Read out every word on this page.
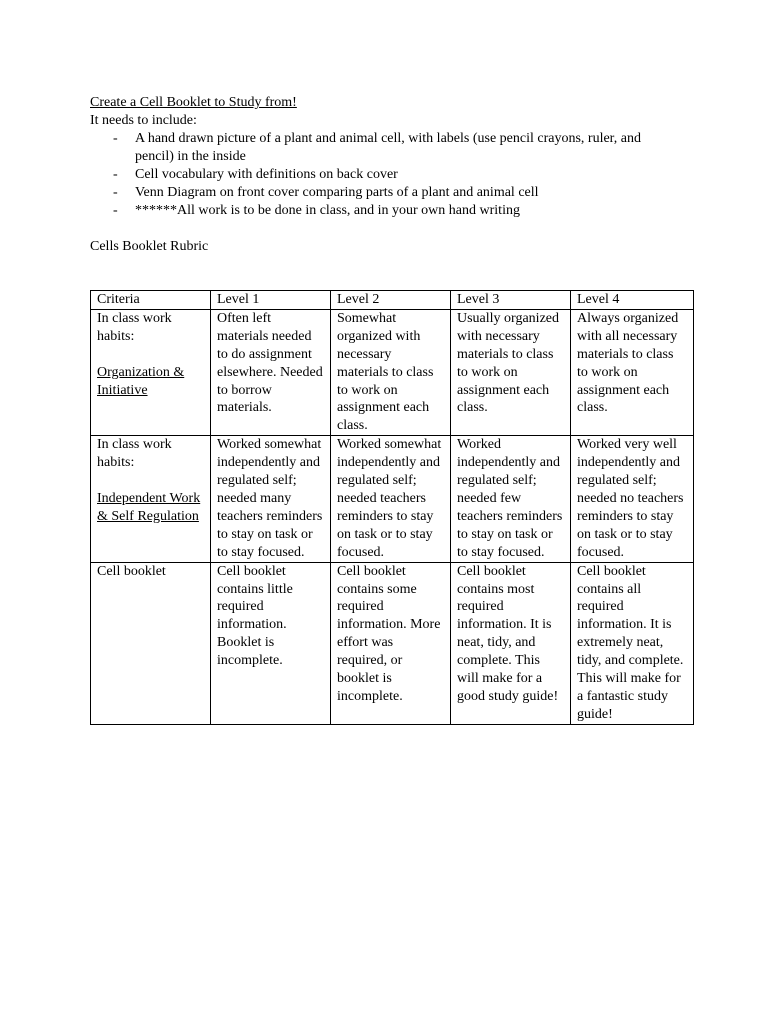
Create a Cell Booklet to Study from!
It needs to include:
- A hand drawn picture of a plant and animal cell, with labels (use pencil crayons, ruler, and pencil) in the inside
- Cell vocabulary with definitions on back cover
- Venn Diagram on front cover comparing parts of a plant and animal cell
- ******All work is to be done in class, and in your own hand writing
Cells Booklet Rubric
Criteria	Level 1	Level 2	Level 3	Level 4
In class work habits:
Organization & Initiative	Often left materials needed to do assignment elsewhere. Needed to borrow materials.	Somewhat organized with necessary materials to class to work on assignment each class.	Usually organized with necessary materials to class to work on assignment each class.	Always organized with all necessary materials to class to work on assignment each class.
In class work habits:
Independent Work & Self Regulation	Worked somewhat independently and regulated self; needed many teachers reminders to stay on task or to stay focused.	Worked somewhat independently and regulated self; needed teachers reminders to stay on task or to stay focused.	Worked independently and regulated self; needed few teachers reminders to stay on task or to stay focused.	Worked very well independently and regulated self; needed no teachers reminders to stay on task or to stay focused.
Cell booklet	Cell booklet contains little required information. Booklet is incomplete.	Cell booklet contains some required information. More effort was required, or booklet is incomplete.	Cell booklet contains most required information. It is neat, tidy, and complete. This will make for a good study guide!	Cell booklet contains all required information. It is extremely neat, tidy, and complete. This will make for a fantastic study guide!
